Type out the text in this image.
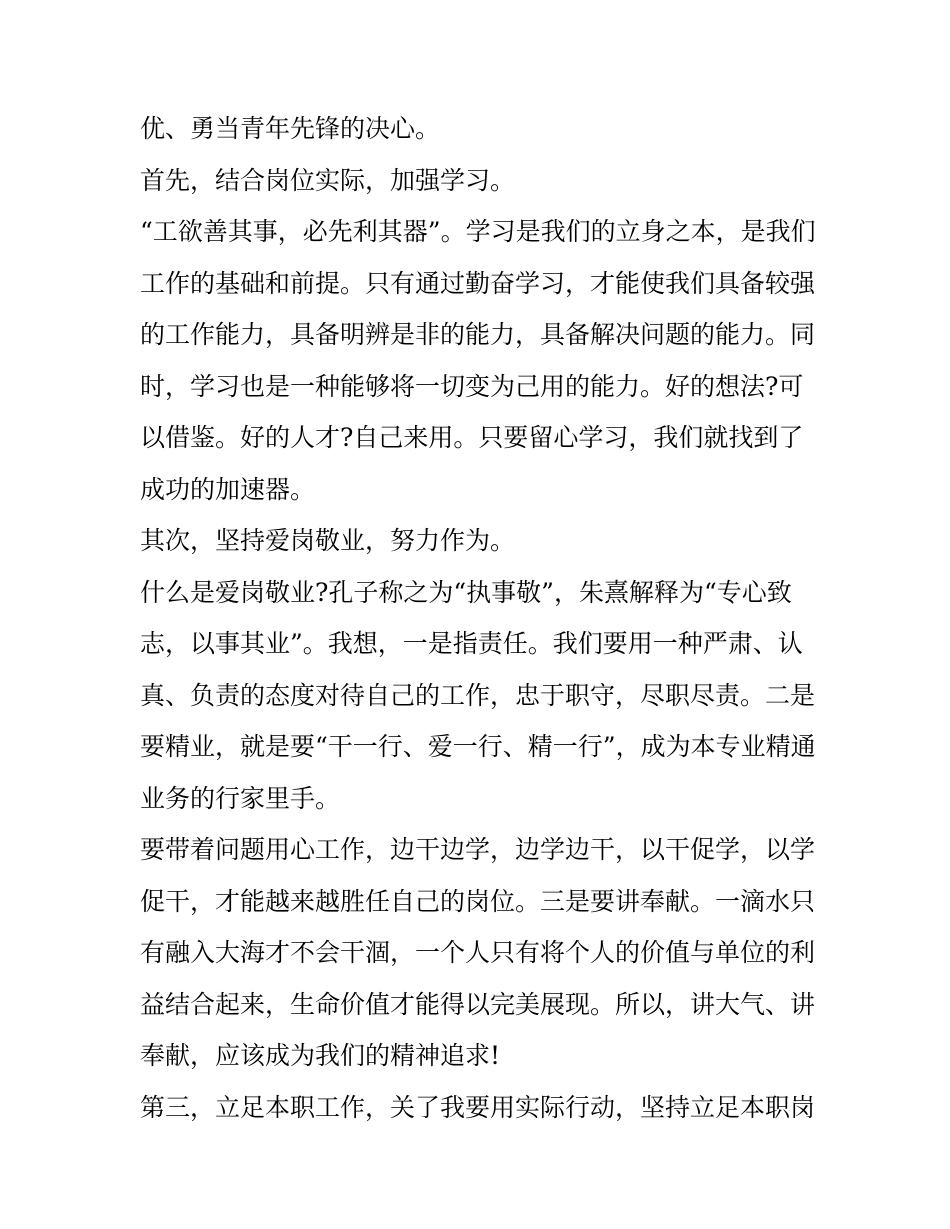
优、勇当青年先锋的决心。

首先，结合岗位实际，加强学习。

“工欲善其事，必先利其器”。学习是我们的立身之本，是我们
工作的基础和前提。只有通过勤奋学习，才能使我们具备较强
的工作能力，具备明辨是非的能力，具备解决问题的能力。同
时，学习也是一种能够将一切变为己用的能力。好的想法?可
以借鉴。好的人才?自己来用。只要留心学习，我们就找到了
成功的加速器。

其次，坚持爱岗敬业，努力作为。

什么是爱岗敬业?孔子称之为“执事敬”，朱熹解释为“专心致
志，以事其业”。我想，一是指责任。我们要用一种严肃、认
真、负责的态度对待自己的工作，忠于职守，尽职尽责。二是
要精业，就是要“干一行、爱一行、精一行”，成为本专业精通
业务的行家里手。

要带着问题用心工作，边干边学，边学边干，以干促学，以学
促干，才能越来越胜任自己的岗位。三是要讲奉献。一滴水只
有融入大海才不会干涸，一个人只有将个人的价值与单位的利
益结合起来，生命价值才能得以完美展现。所以，讲大气、讲
奉献，应该成为我们的精神追求!

第三，立足本职工作，关了我要用实际行动，坚持立足本职岗
